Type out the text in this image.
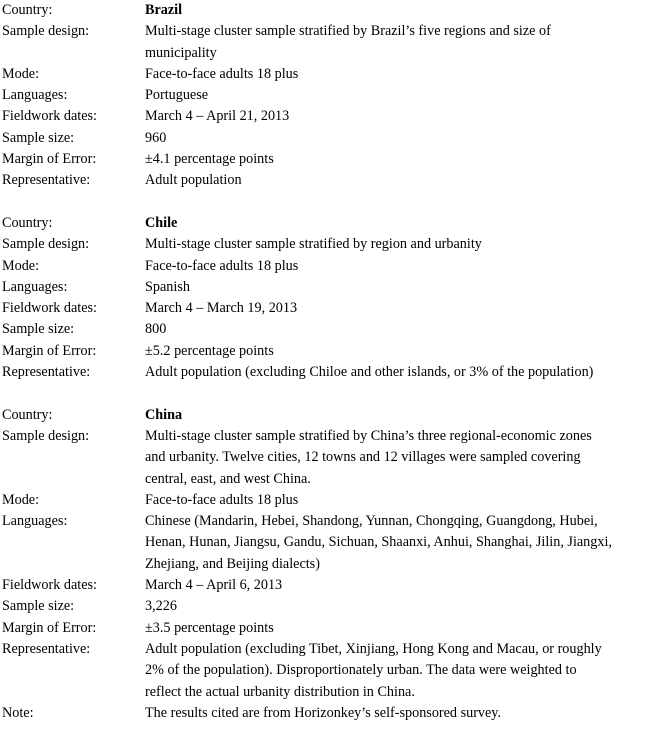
Country:	Brazil
Sample design:	Multi-stage cluster sample stratified by Brazil’s five regions and size of municipality
Mode:	Face-to-face adults 18 plus
Languages:	Portuguese
Fieldwork dates:	March 4 – April 21, 2013
Sample size:	960
Margin of Error:	±4.1 percentage points
Representative:	Adult population
Country:	Chile
Sample design:	Multi-stage cluster sample stratified by region and urbanity
Mode:	Face-to-face adults 18 plus
Languages:	Spanish
Fieldwork dates:	March 4 – March 19, 2013
Sample size:	800
Margin of Error:	±5.2 percentage points
Representative:	Adult population (excluding Chiloe and other islands, or 3% of the population)
Country:	China
Sample design:	Multi-stage cluster sample stratified by China’s three regional-economic zones and urbanity. Twelve cities, 12 towns and 12 villages were sampled covering central, east, and west China.
Mode:	Face-to-face adults 18 plus
Languages:	Chinese (Mandarin, Hebei, Shandong, Yunnan, Chongqing, Guangdong, Hubei, Henan, Hunan, Jiangsu, Gandu, Sichuan, Shaanxi, Anhui, Shanghai, Jilin, Jiangxi, Zhejiang, and Beijing dialects)
Fieldwork dates:	March 4 – April 6, 2013
Sample size:	3,226
Margin of Error:	±3.5 percentage points
Representative:	Adult population (excluding Tibet, Xinjiang, Hong Kong and Macau, or roughly 2% of the population). Disproportionately urban. The data were weighted to reflect the actual urbanity distribution in China.
Note:	The results cited are from Horizonkey’s self-sponsored survey.
